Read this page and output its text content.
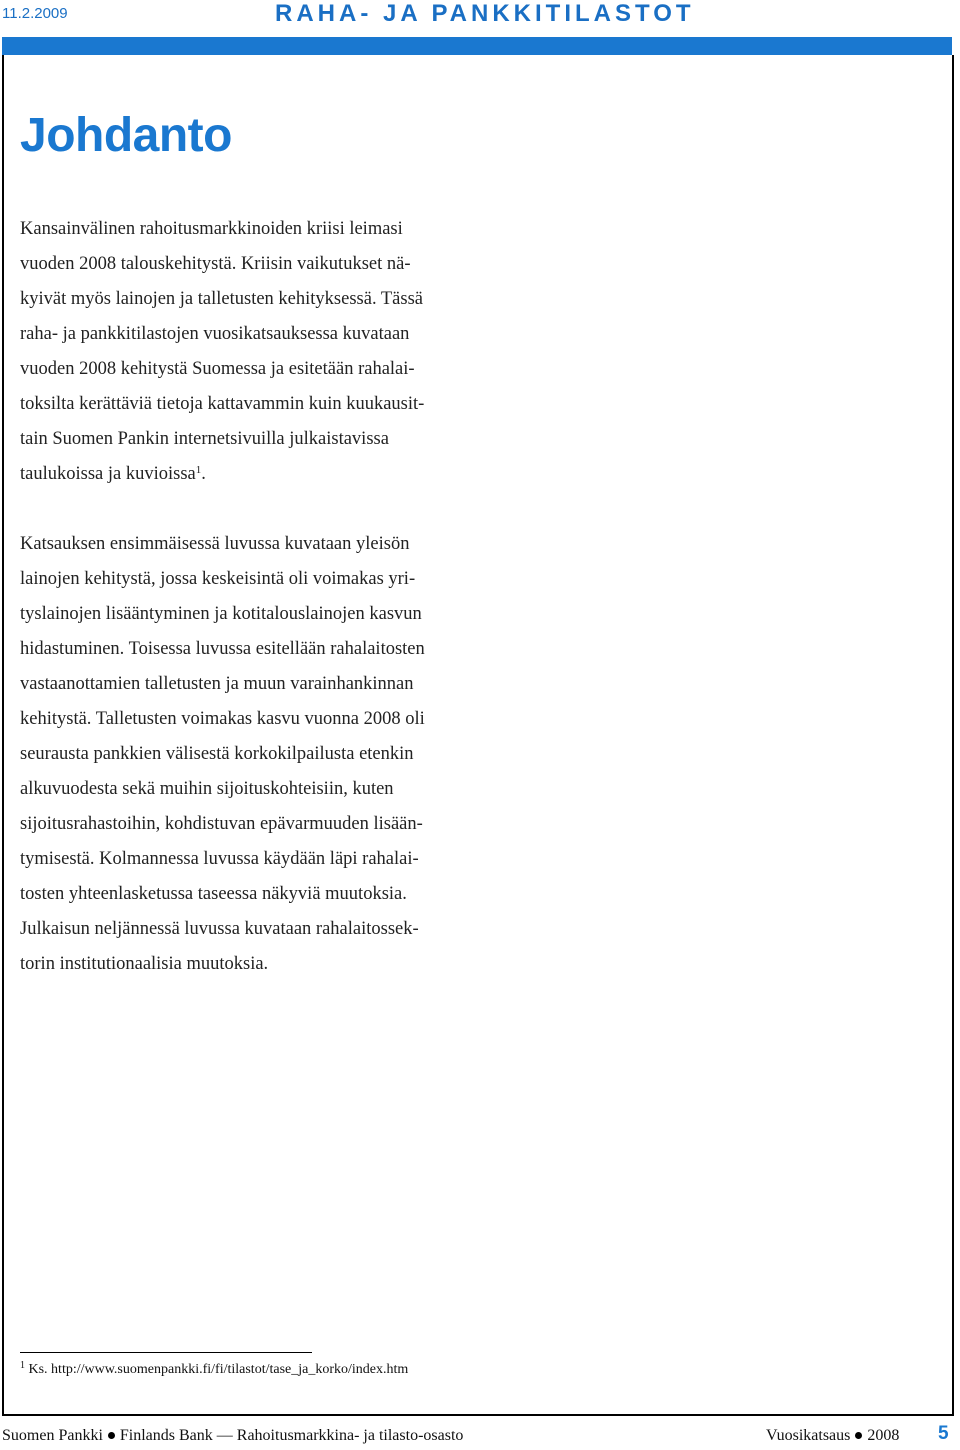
11.2.2009	RAHA- JA PANKKITILASTOT
Johdanto
Kansainvälinen rahoitusmarkkinoiden kriisi leimasi
vuoden 2008 talouskehitystä. Kriisin vaikutukset nä-
kyivät myös lainojen ja talletusten kehityksessä. Tässä
raha- ja pankkitilastojen vuosikatsauksessa kuvataan
vuoden 2008 kehitystä Suomessa ja esitetään rahalai-
toksilta kerättäviä tietoja kattavammin kuin kuukausit-
tain Suomen Pankin internetsivuilla julkaistavissa
taulukoissa ja kuvioissa$^1$.
Katsauksen ensimmäisessä luvussa kuvataan yleisön
lainojen kehitystä, jossa keskeisintä oli voimakas yri-
tyslainojen lisääntyminen ja kotitalouslainojen kasvun
hidastuminen. Toisessa luvussa esitellään rahalaitosten
vastaanottamien talletusten ja muun varainhankinnan
kehitystä. Talletusten voimakas kasvu vuonna 2008 oli
seurausta pankkien välisestä korkokilpailusta etenkin
alkuvuodesta sekä muihin sijoituskohteisiin, kuten
sijoitusrahastoihin, kohdistuvan epävarmuuden lisään-
tymisestä. Kolmannessa luvussa käydään läpi rahalai-
tosten yhteenlasketussa taseessa näkyviä muutoksia.
Julkaisun neljännessä luvussa kuvataan rahalaitossek-
torin institutionaalisia muutoksia.
$^1$ Ks. http://www.suomenpankki.fi/fi/tilastot/tase_ja_korko/index.htm
Suomen Pankki Finlands Bank — Rahoitusmarkkina- ja tilasto-osasto	Vuosikatsaus 2008 5
